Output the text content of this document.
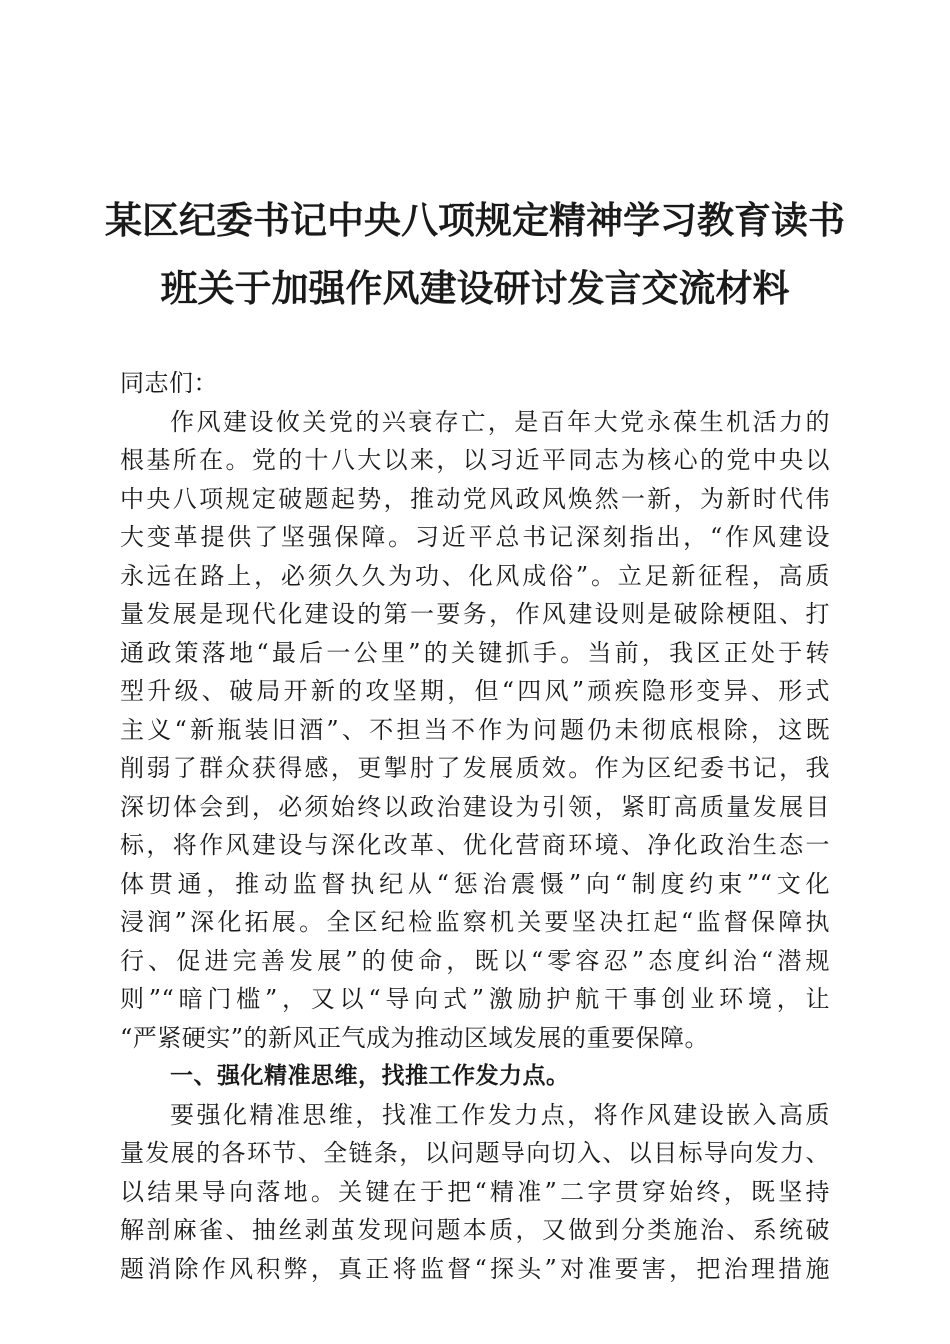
某区纪委书记中央八项规定精神学习教育读书
班关于加强作风建设研讨发言交流材料
同志们：
作风建设攸关党的兴衰存亡，是百年大党永葆生机活力的
根基所在。党的十八大以来，以习近平同志为核心的党中央以
中央八项规定破题起势，推动党风政风焕然一新，为新时代伟
大变革提供了坚强保障。习近平总书记深刻指出，“作风建设
永远在路上，必须久久为功、化风成俗”。立足新征程，高质
量发展是现代化建设的第一要务，作风建设则是破除梗阻、打
通政策落地“最后一公里”的关键抓手。当前，我区正处于转
型升级、破局开新的攻坚期，但“四风”顽疾隐形变异、形式
主义“新瓶装旧酒”、不担当不作为问题仍未彻底根除，这既
削弱了群众获得感，更掣肘了发展质效。作为区纪委书记，我
深切体会到，必须始终以政治建设为引领，紧盯高质量发展目
标，将作风建设与深化改革、优化营商环境、净化政治生态一
体贯通，推动监督执纪从“惩治震慑”向“制度约束”“文化
浸润”深化拓展。全区纪检监察机关要坚决扛起“监督保障执
行、促进完善发展”的使命，既以“零容忍”态度纠治“潜规
则”“暗门槛”，又以“导向式”激励护航干事创业环境，让
“严紧硬实”的新风正气成为推动区域发展的重要保障。
一、强化精准思维，找推工作发力点。
要强化精准思维，找准工作发力点，将作风建设嵌入高质
量发展的各环节、全链条，以问题导向切入、以目标导向发力、
以结果导向落地。关键在于把“精准”二字贯穿始终，既坚持
解剖麻雀、抽丝剥茧发现问题本质，又做到分类施治、系统破
题消除作风积弊，真正将监督“探头”对准要害，把治理措施
